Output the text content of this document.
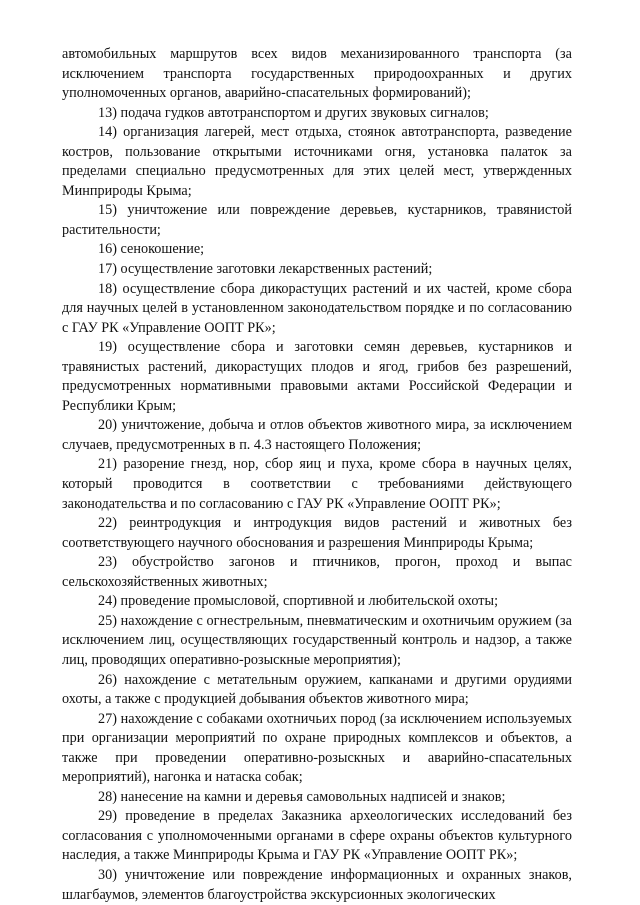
автомобильных маршрутов всех видов механизированного транспорта (за исключением транспорта государственных природоохранных и других уполномоченных органов, аварийно-спасательных формирований);

13) подача гудков автотранспортом и других звуковых сигналов;

14) организация лагерей, мест отдыха, стоянок автотранспорта, разведение костров, пользование открытыми источниками огня, установка палаток за пределами специально предусмотренных для этих целей мест, утвержденных Минприроды Крыма;

15) уничтожение или повреждение деревьев, кустарников, травянистой растительности;

16) сенокошение;

17) осуществление заготовки лекарственных растений;

18) осуществление сбора дикорастущих растений и их частей, кроме сбора для научных целей в установленном законодательством порядке и по согласованию с ГАУ РК «Управление ООПТ РК»;

19) осуществление сбора и заготовки семян деревьев, кустарников и травянистых растений, дикорастущих плодов и ягод, грибов без разрешений, предусмотренных нормативными правовыми актами Российской Федерации и Республики Крым;

20) уничтожение, добыча и отлов объектов животного мира, за исключением случаев, предусмотренных в п. 4.3 настоящего Положения;

21) разорение гнезд, нор, сбор яиц и пуха, кроме сбора в научных целях, который проводится в соответствии с требованиями действующего законодательства и по согласованию с ГАУ РК «Управление ООПТ РК»;

22) реинтродукция и интродукция видов растений и животных без соответствующего научного обоснования и разрешения Минприроды Крыма;

23) обустройство загонов и птичников, прогон, проход и выпас сельскохозяйственных животных;

24) проведение промысловой, спортивной и любительской охоты;

25) нахождение с огнестрельным, пневматическим и охотничьим оружием (за исключением лиц, осуществляющих государственный контроль и надзор, а также лиц, проводящих оперативно-розыскные мероприятия);

26) нахождение с метательным оружием, капканами и другими орудиями охоты, а также с продукцией добывания объектов животного мира;

27) нахождение с собаками охотничьих пород (за исключением используемых при организации мероприятий по охране природных комплексов и объектов, а также при проведении оперативно-розыскных и аварийно-спасательных мероприятий), нагонка и натаска собак;

28) нанесение на камни и деревья самовольных надписей и знаков;

29) проведение в пределах Заказника археологических исследований без согласования с уполномоченными органами в сфере охраны объектов культурного наследия, а также Минприроды Крыма и ГАУ РК «Управление ООПТ РК»;

30) уничтожение или повреждение информационных и охранных знаков, шлагбаумов, элементов благоустройства экскурсионных экологических
